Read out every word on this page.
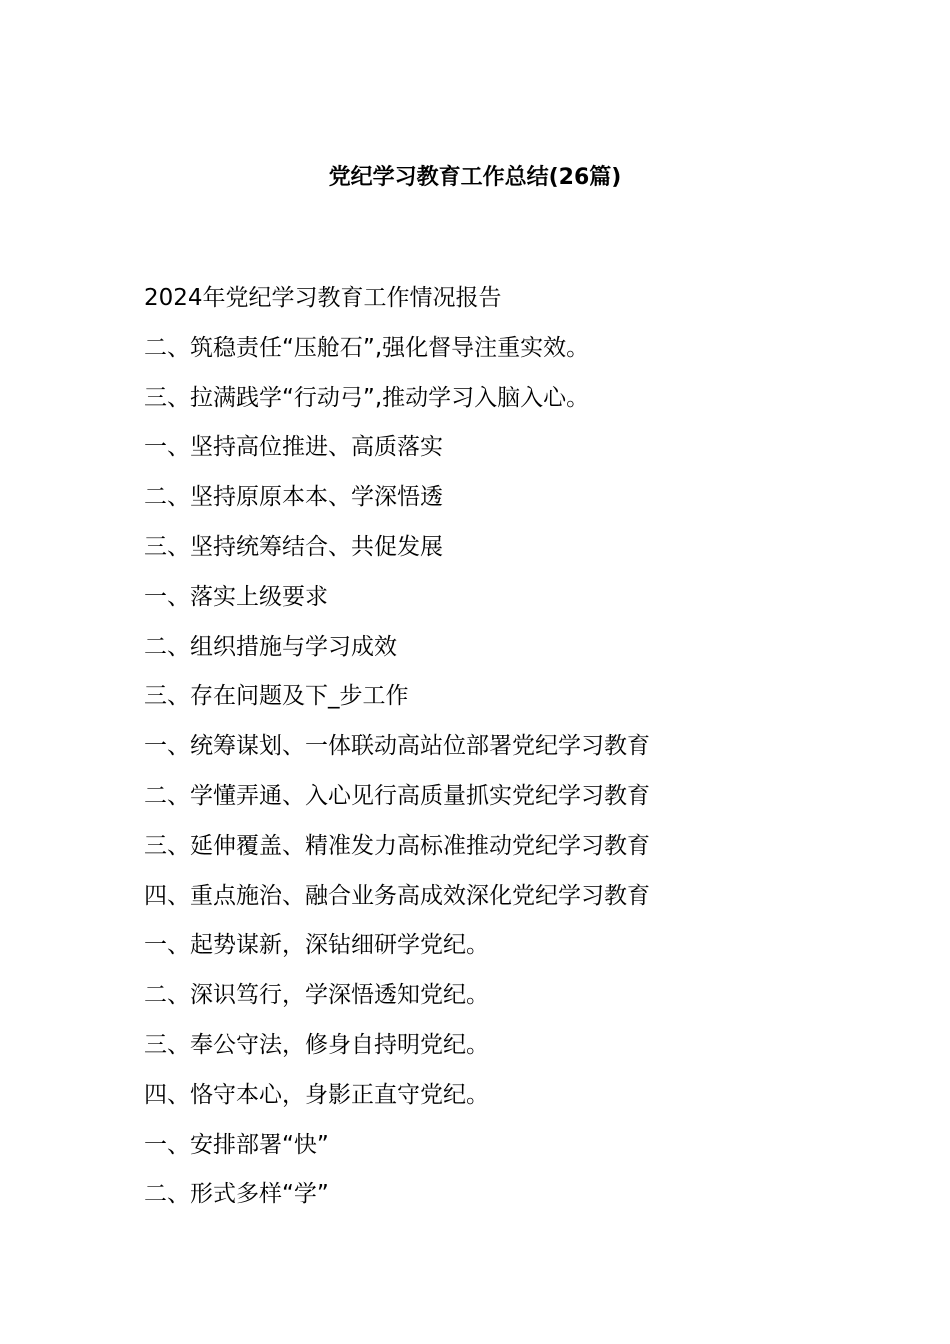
党纪学习教育工作总结(26篇)
2024年党纪学习教育工作情况报告
二、筑稳责任“压舱石”,强化督导注重实效。
三、拉满践学“行动弓”,推动学习入脑入心。
一、坚持高位推进、高质落实
二、坚持原原本本、学深悟透
三、坚持统筹结合、共促发展
一、落实上级要求
二、组织措施与学习成效
三、存在问题及下_步工作
一、统筹谋划、一体联动高站位部署党纪学习教育
二、学懂弄通、入心见行高质量抓实党纪学习教育
三、延伸覆盖、精准发力高标准推动党纪学习教育
四、重点施治、融合业务高成效深化党纪学习教育
一、起势谋新，深钻细研学党纪。
二、深识笃行，学深悟透知党纪。
三、奉公守法，修身自持明党纪。
四、恪守本心，身影正直守党纪。
一、安排部署“快”
二、形式多样“学”
